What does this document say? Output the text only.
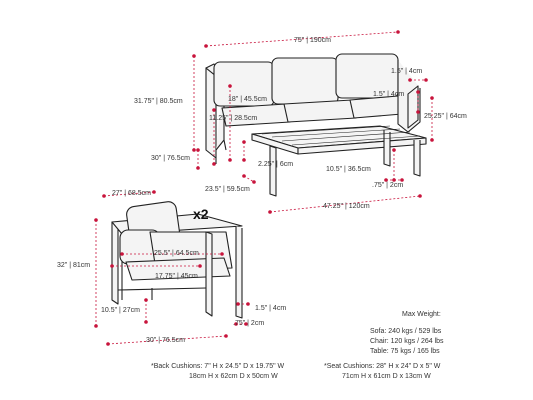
75" | 190cm
31.75" | 80.5cm	18" | 45.5cm
11.25" | 28.5cm
30" | 76.5cm
23.5" | 59.5cm
1.5" | 4cm
1.5" | 4cm
25.25" | 64cm
10.5" | 36.5cm
2.25" | 6cm
.75" | 2cm
47.25" | 120cm
x2
27" | 68.5cm
32" | 81cm
25.5" | 64.5cm
17.75" | 45cm
10.5" | 27cm
30" | 76.5cm
1.5" | 4cm
.75" | 2cm
Max Weight:
Sofa: 240 kgs / 529 lbs
Chair: 120 kgs / 264 lbs
Table: 75 kgs / 165 lbs
*Back Cushions: 7" H x 24.5" D x 19.75" W
18cm H x 62cm D x 50cm W
*Seat Cushions: 28" H x 24" D x 5" W
71cm H x 61cm D x 13cm W
